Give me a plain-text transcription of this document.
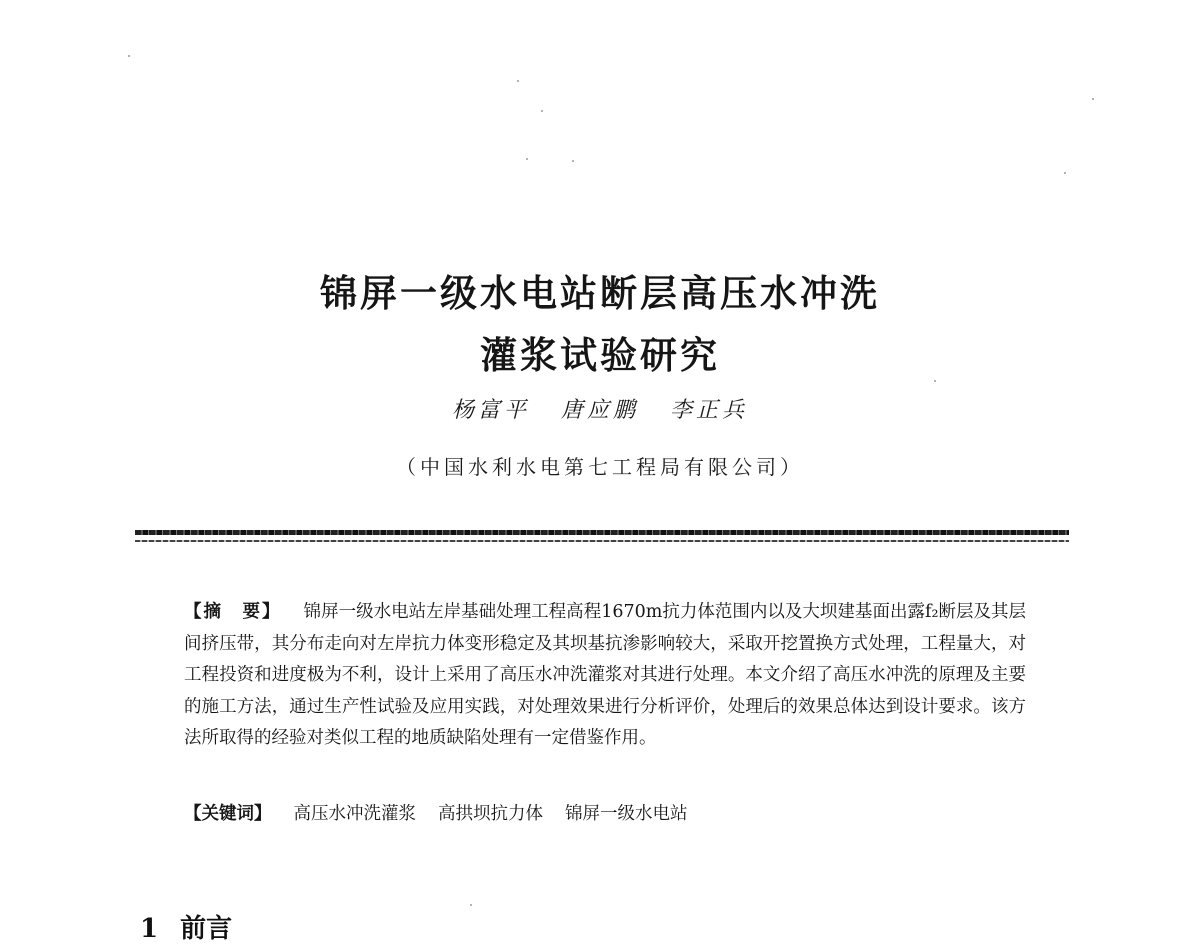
锦屏一级水电站断层高压水冲洗
灌浆试验研究
杨富平 唐应鹏 李正兵
（中国水利水电第七工程局有限公司）
【摘　要】 锦屏一级水电站左岸基础处理工程高程1670m抗力体范围内以及大坝建基面出露f₂断层及其层间挤压带，其分布走向对左岸抗力体变形稳定及其坝基抗渗影响较大，采取开挖置换方式处理，工程量大，对工程投资和进度极为不利，设计上采用了高压水冲洗灌浆对其进行处理。本文介绍了高压水冲洗的原理及主要的施工方法，通过生产性试验及应用实践，对处理效果进行分析评价，处理后的效果总体达到设计要求。该方法所取得的经验对类似工程的地质缺陷处理有一定借鉴作用。
【关键词】 高压水冲洗灌浆 高拱坝抗力体 锦屏一级水电站
1 前言
